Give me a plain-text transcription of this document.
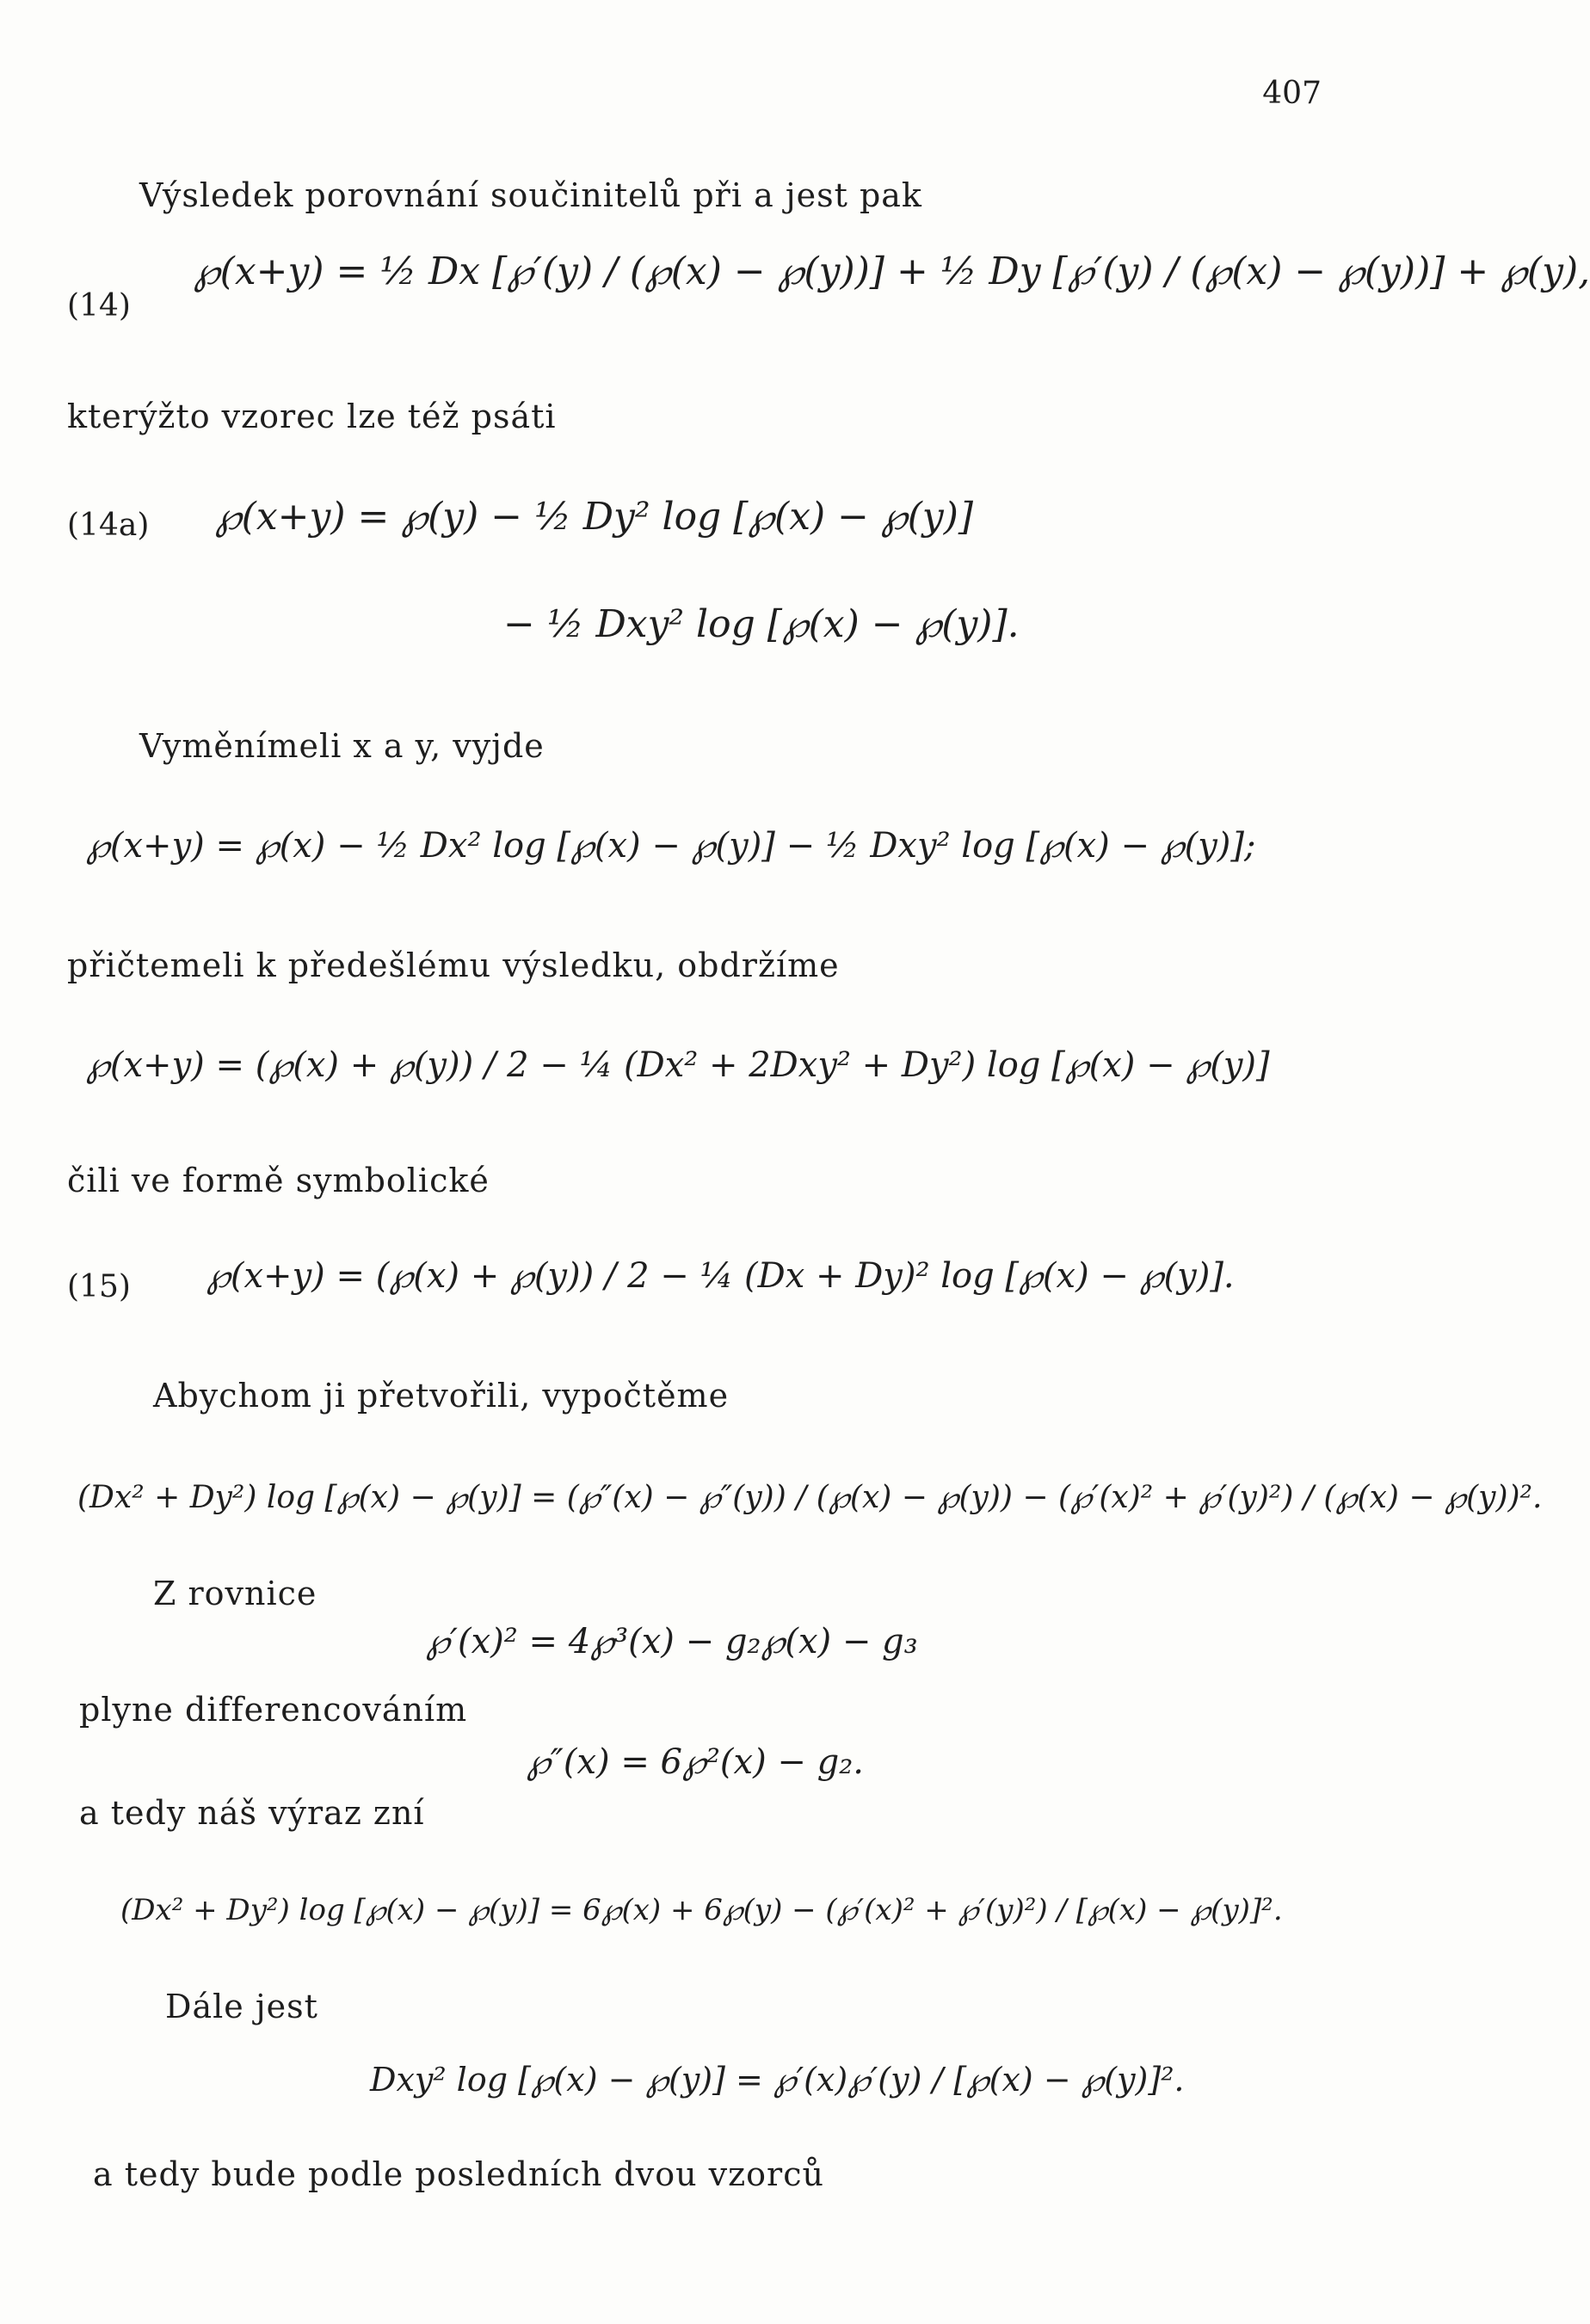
407
Výsledek porovnání součinitelů při a jest pak
(14)
℘(x+y) = ½ Dx [℘′(y) / (℘(x) − ℘(y))] + ½ Dy [℘′(y) / (℘(x) − ℘(y))] + ℘(y),
kterýžto vzorec lze též psáti
(14a) ℘(x+y) = ℘(y) − ½ Dy² log [℘(x) − ℘(y)]
− ½ Dxy² log [℘(x) − ℘(y)].
Vyměnímeli x a y, vyjde
℘(x+y) = ℘(x) − ½ Dx² log [℘(x) − ℘(y)] − ½ Dxy² log [℘(x) − ℘(y)];
přičtemeli k předešlému výsledku, obdržíme
℘(x+y) = (℘(x) + ℘(y)) / 2 − ¼ (Dx² + 2Dxy² + Dy²) log [℘(x) − ℘(y)]
čili ve formě symbolické
(15) ℘(x+y) = (℘(x) + ℘(y)) / 2 − ¼ (Dx + Dy)² log [℘(x) − ℘(y)].
Abychom ji přetvořili, vypočtěme
(Dx² + Dy²) log [℘(x) − ℘(y)] = (℘″(x) − ℘″(y)) / (℘(x) − ℘(y)) − (℘′(x)² + ℘′(y)²) / (℘(x) − ℘(y))².
Z rovnice
℘′(x)² = 4℘³(x) − g₂℘(x) − g₃
plyne differencováním
℘″(x) = 6℘²(x) − g₂.
a tedy náš výraz zní
(Dx² + Dy²) log [℘(x) − ℘(y)] = 6℘(x) + 6℘(y) − (℘′(x)² + ℘′(y)²) / [℘(x) − ℘(y)]².
Dále jest
Dxy² log [℘(x) − ℘(y)] = ℘′(x)℘′(y) / [℘(x) − ℘(y)]².
a tedy bude podle posledních dvou vzorců
